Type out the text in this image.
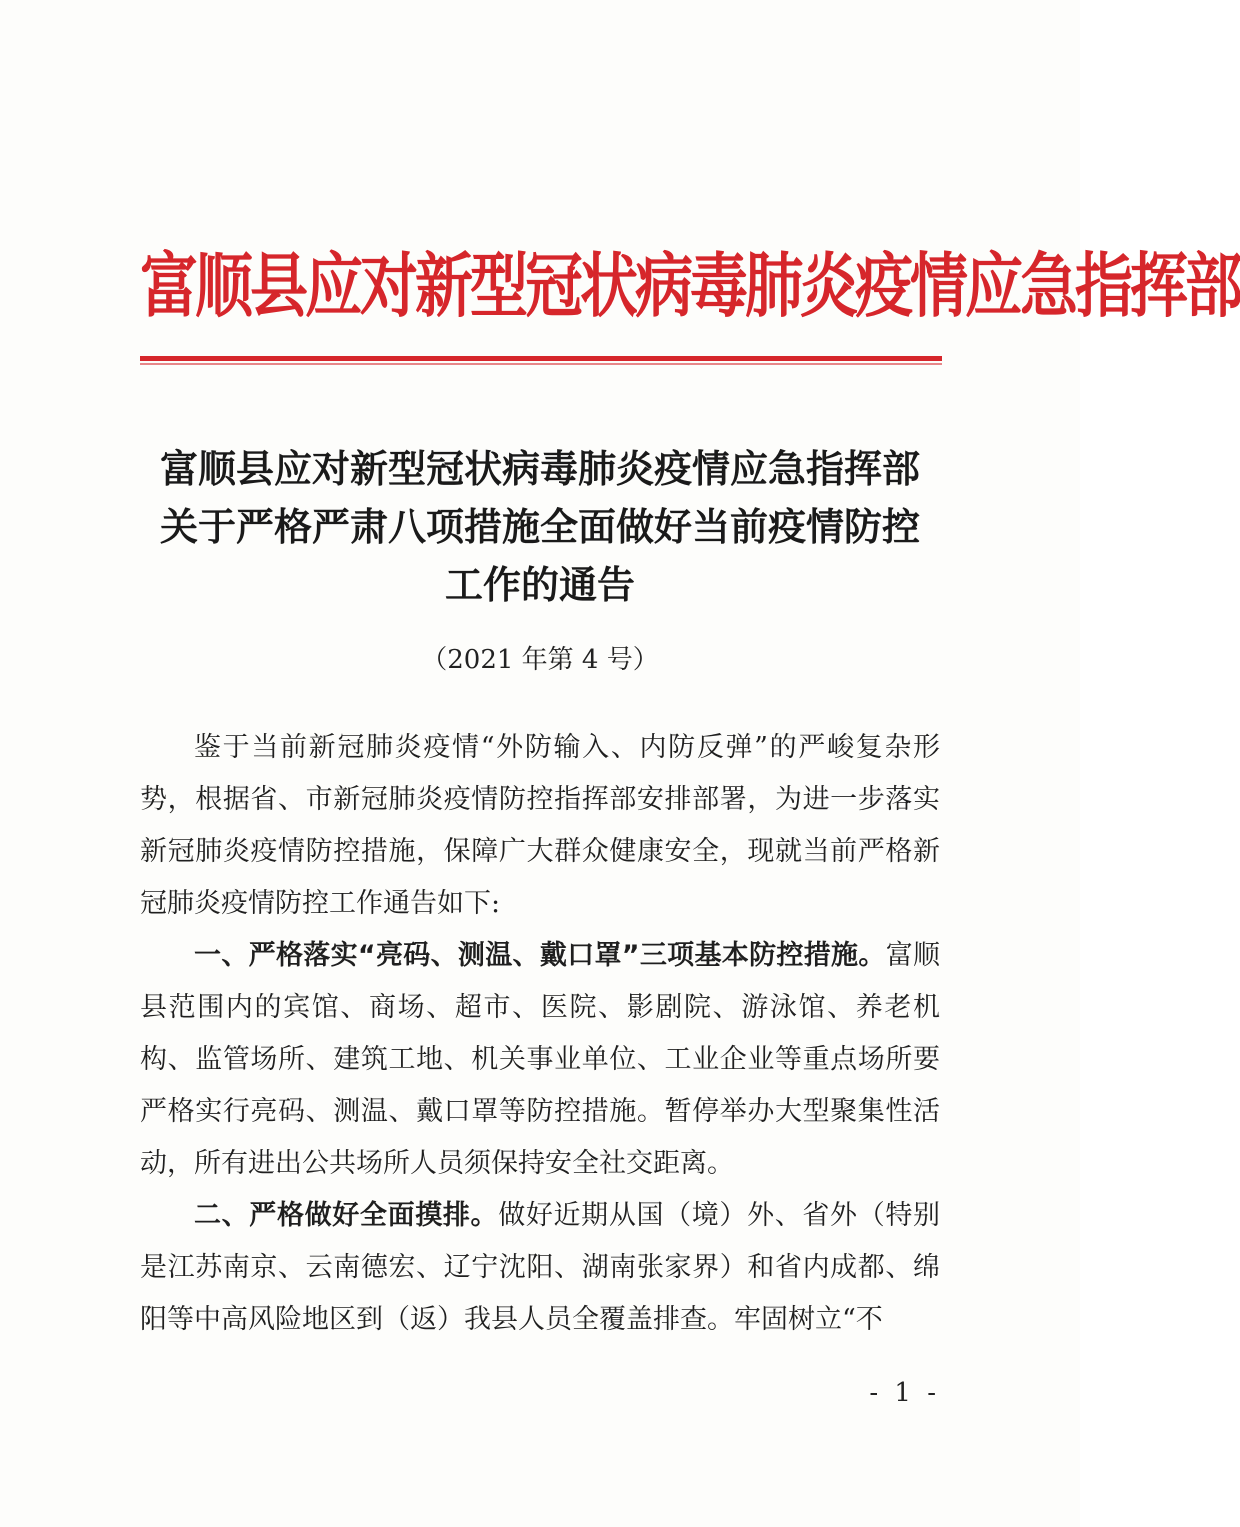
富顺县应对新型冠状病毒肺炎疫情应急指挥部
富顺县应对新型冠状病毒肺炎疫情应急指挥部
关于严格严肃八项措施全面做好当前疫情防控
工作的通告
（2021 年第 4 号）

鉴于当前新冠肺炎疫情“外防输入、内防反弹”的严峻复杂形势，根据省、市新冠肺炎疫情防控指挥部安排部署，为进一步落实新冠肺炎疫情防控措施，保障广大群众健康安全，现就当前严格新冠肺炎疫情防控工作通告如下:

一、严格落实“亮码、测温、戴口罩”三项基本防控措施。富顺县范围内的宾馆、商场、超市、医院、影剧院、游泳馆、养老机构、监管场所、建筑工地、机关事业单位、工业企业等重点场所要严格实行亮码、测温、戴口罩等防控措施。暂停举办大型聚集性活动，所有进出公共场所人员须保持安全社交距离。

二、严格做好全面摸排。做好近期从国（境）外、省外（特别是江苏南京、云南德宏、辽宁沈阳、湖南张家界）和省内成都、绵阳等中高风险地区到（返）我县人员全覆盖排查。牢固树立“不

- 1 -
